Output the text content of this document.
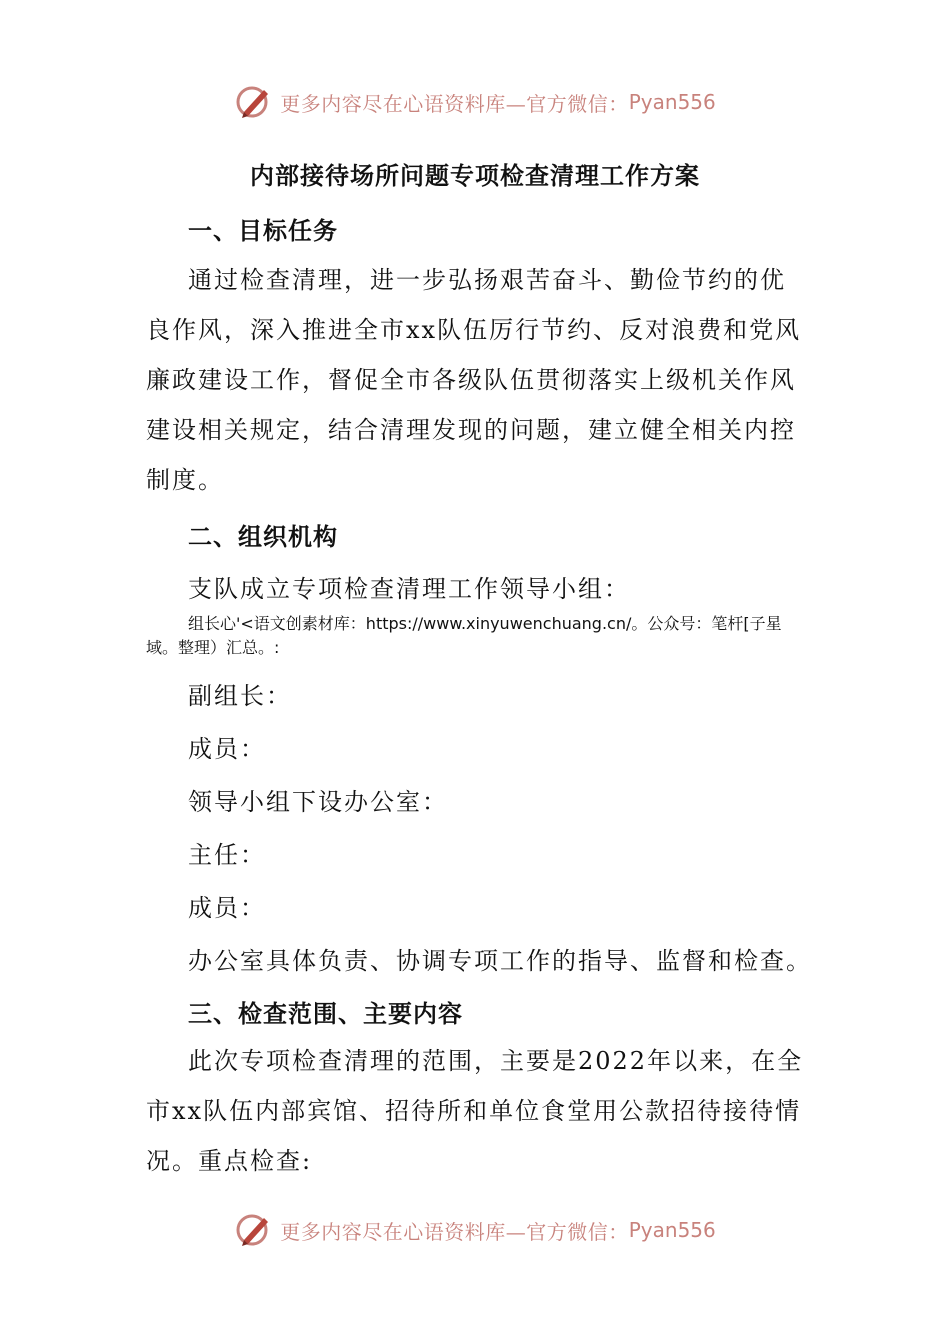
更多内容尽在心语资料库—官方微信： Pyan556
内部接待场所问题专项检查清理工作方案
一、目标任务

通过检查清理，进一步弘扬艰苦奋斗、勤俭节约的优良作风，深入推进全市xx队伍厉行节约、反对浪费和党风廉政建设工作，督促全市各级队伍贯彻落实上级机关作风建设相关规定，结合清理发现的问题，建立健全相关内控制度。

二、组织机构
支队成立专项检查清理工作领导小组：

组长心'<语文创素材库：https://www.xinyuwenchuang.cn/。公众号：笔杆[子星域。整理）汇总。:

副组长：
成员：
领导小组下设办公室：
主任：
成员：
办公室具体负责、协调专项工作的指导、监督和检查。
三、检查范围、主要内容

此次专项检查清理的范围，主要是2022年以来，在全市xx队伍内部宾馆、招待所和单位食堂用公款招待接待情况。重点检查:

更多内容尽在心语资料库—官方微信： Pyan556
